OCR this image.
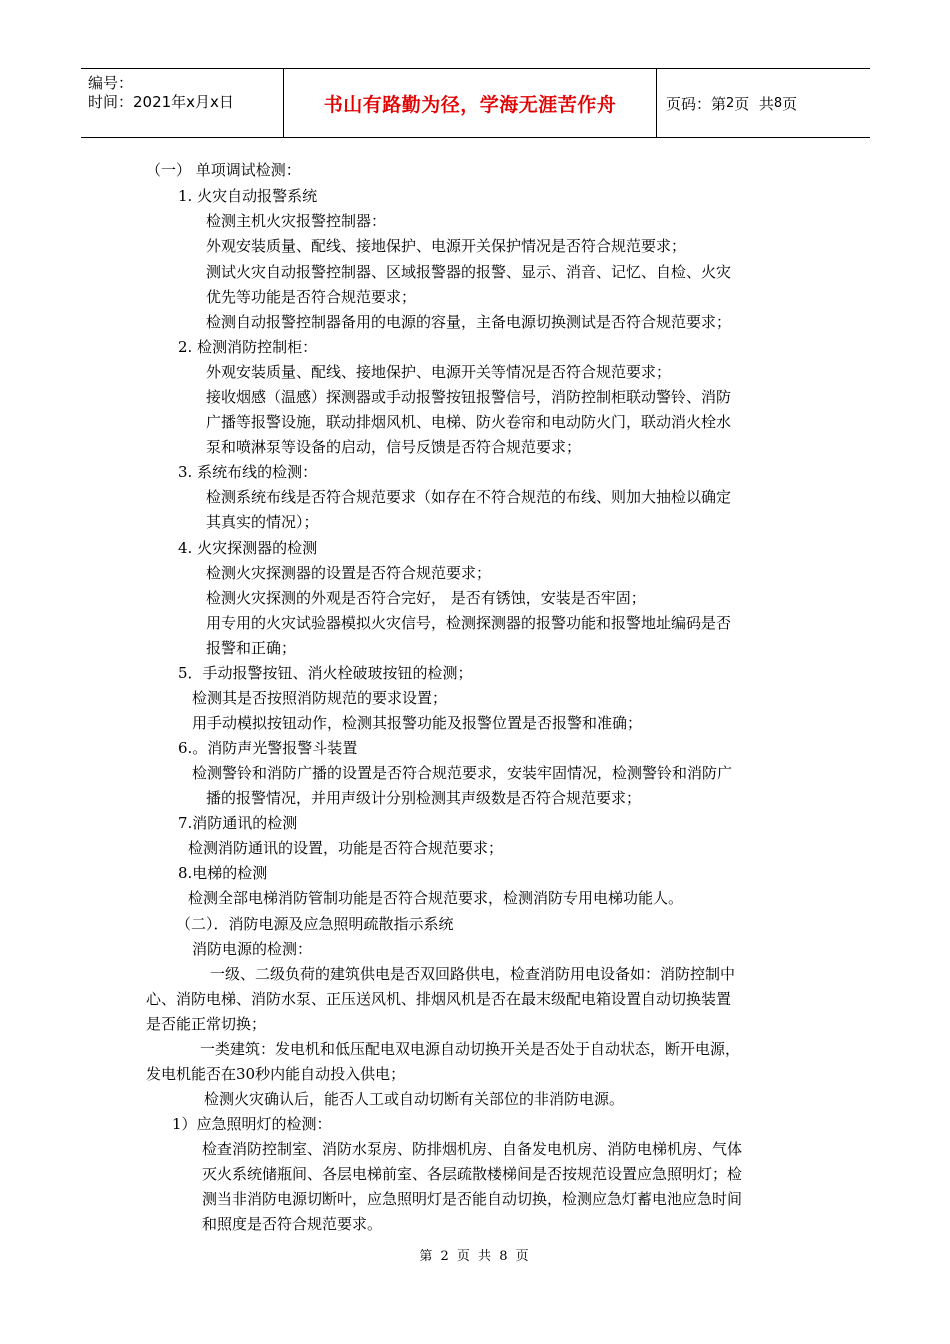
编号：
时间：2021年x月x日	书山有路勤为径，学海无涯苦作舟	页码：第 2 页  共 8 页
（一） 单项调试检测：
1. 火灾自动报警系统
检测主机火灾报警控制器：
外观安装质量、配线、接地保护、电源开关保护情况是否符合规范要求；
测试火灾自动报警控制器、区域报警器的报警、显示、消音、记忆、自检、火灾
优先等功能是否符合规范要求；
检测自动报警控制器备用的电源的容量，主备电源切换测试是否符合规范要求；
2. 检测消防控制柜：
外观安装质量、配线、接地保护、电源开关等情况是否符合规范要求；
接收烟感（温感）探测器或手动报警按钮报警信号，消防控制柜联动警铃、消防
广播等报警设施，联动排烟风机、电梯、防火卷帘和电动防火门，联动消火栓水
泵和喷淋泵等设备的启动，信号反馈是否符合规范要求；
3. 系统布线的检测：
检测系统布线是否符合规范要求（如存在不符合规范的布线、则加大抽检以确定
其真实的情况）；
4. 火灾探测器的检测
检测火灾探测器的设置是否符合规范要求；
检测火灾探测的外观是否符合完好， 是否有锈蚀，安装是否牢固；
用专用的火灾试验器模拟火灾信号，检测探测器的报警功能和报警地址编码是否
报警和正确；
5．手动报警按钮、消火栓破玻按钮的检测；
检测其是否按照消防规范的要求设置；
用手动模拟按钮动作，检测其报警功能及报警位置是否报警和准确；
6.。消防声光警报警斗装置
检测警铃和消防广播的设置是否符合规范要求，安装牢固情况，检测警铃和消防广
播的报警情况，并用声级计分别检测其声级数是否符合规范要求；
7.消防通讯的检测
检测消防通讯的设置，功能是否符合规范要求；
8.电梯的检测
检测全部电梯消防管制功能是否符合规范要求，检测消防专用电梯功能人。
（二）．消防电源及应急照明疏散指示系统
消防电源的检测：
一级、二级负荷的建筑供电是否双回路供电，检查消防用电设备如：消防控制中
心、消防电梯、消防水泵、正压送风机、排烟风机是否在最末级配电箱设置自动切换装置
是否能正常切换；
一类建筑：发电机和低压配电双电源自动切换开关是否处于自动状态，断开电源，
发电机能否在30秒内能自动投入供电；
检测火灾确认后，能否人工或自动切断有关部位的非消防电源。
1）应急照明灯的检测：
检查消防控制室、消防水泵房、防排烟机房、自备发电机房、消防电梯机房、气体
灭火系统储瓶间、各层电梯前室、各层疏散楼梯间是否按规范设置应急照明灯；检
测当非消防电源切断叶，应急照明灯是否能自动切换，检测应急灯蓄电池应急时间
和照度是否符合规范要求。
第 2 页 共 8 页
